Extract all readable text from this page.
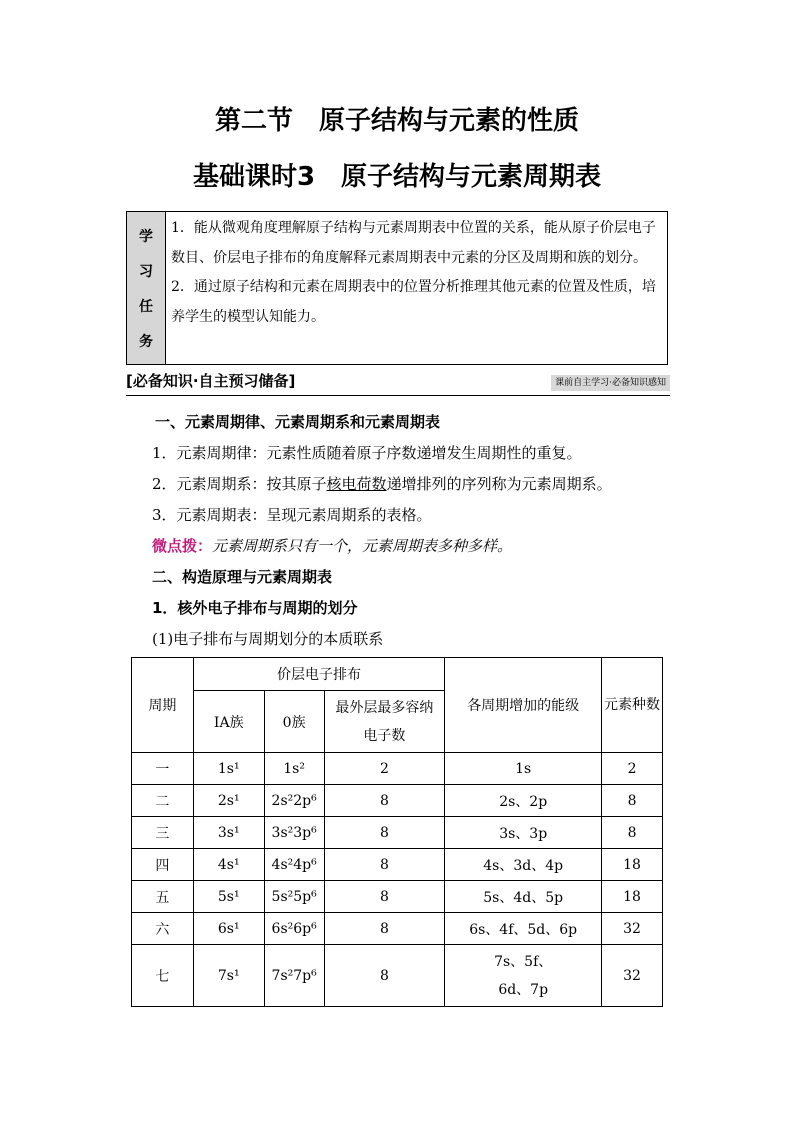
第二节　原子结构与元素的性质
基础课时3　原子结构与元素周期表
学
习
任
务

1．能从微观角度理解原子结构与元素周期表中位置的关系，能从原子价层电子数目、价层电子排布的角度解释元素周期表中元素的分区及周期和族的划分。

2．通过原子结构和元素在周期表中的位置分析推理其他元素的位置及性质，培养学生的模型认知能力。

[必备知识·自主预习储备]	课前自主学习·必备知识感知
一、元素周期律、元素周期系和元素周期表
1．元素周期律：元素性质随着原子序数递增发生周期性的重复。
2．元素周期系：按其原子核电荷数递增排列的序列称为元素周期系。
3．元素周期表：呈现元素周期系的表格。
微点拨：元素周期系只有一个，元素周期表多种多样。
二、构造原理与元素周期表
1．核外电子排布与周期的划分
(1)电子排布与周期划分的本质联系
周期	价层电子排布			各周期增加的能级	元素种数
	ⅠA族	0族	最外层最多容纳电子数		
一	1s¹	1s²	2	1s	2
二	2s¹	2s²2p⁶	8	2s、2p	8
三	3s¹	3s²3p⁶	8	3s、3p	8
四	4s¹	4s²4p⁶	8	4s、3d、4p	18
五	5s¹	5s²5p⁶	8	5s、4d、5p	18
六	6s¹	6s²6p⁶	8	6s、4f、5d、6p	32
七	7s¹	7s²7p⁶	8	7s、5f、6d、7p	32
